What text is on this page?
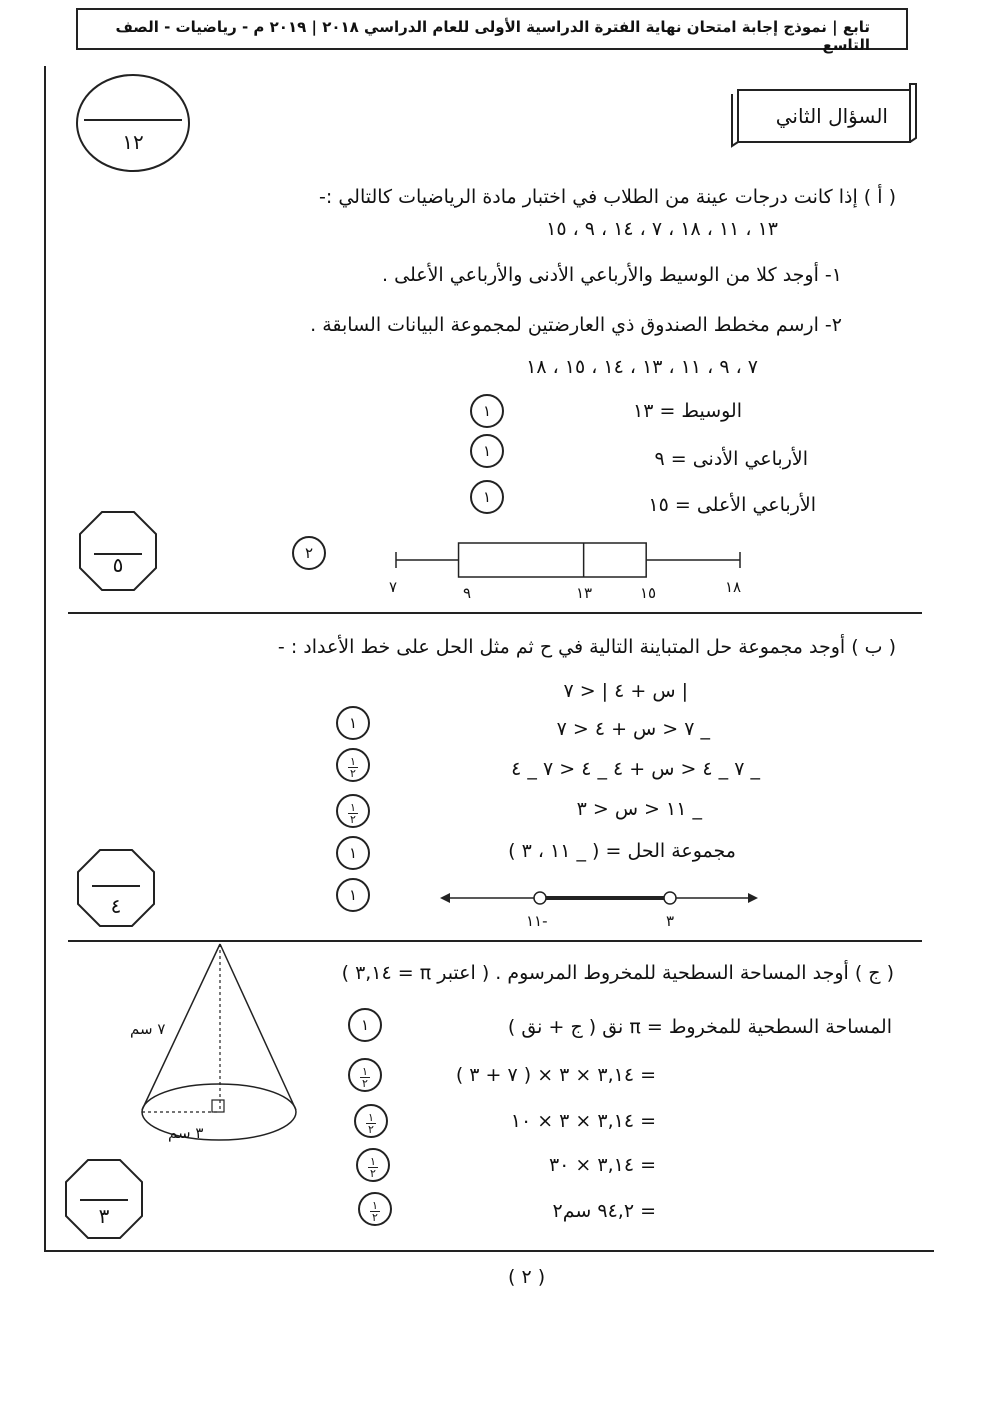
تابع | نموذج إجابة امتحان نهاية الفترة الدراسية الأولى للعام الدراسي ٢٠١٨ | ٢٠١٩ م - رياضيات - الصف التاسع
١٢
السؤال الثاني
( أ ) إذا كانت درجات عينة من الطلاب في اختبار مادة الرياضيات كالتالي :-
١٣ ، ١١ ، ١٨ ، ٧ ، ١٤ ، ٩ ، ١٥
١- أوجد كلا من الوسيط والأرباعي الأدنى والأرباعي الأعلى .
٢- ارسم مخطط الصندوق ذي العارضتين لمجموعة البيانات السابقة .
٧ ، ٩ ، ١١ ، ١٣ ، ١٤ ، ١٥ ، ١٨
الوسيط = ١٣
الأرباعي الأدنى = ٩
الأرباعي الأعلى = ١٥
١
١
١
٢
٧	٩	١٣	١٥	١٨
٥
( ب ) أوجد مجموعة حل المتباينة التالية في ح ثم مثل الحل على خط الأعداد : -
| س + ٤ | < ٧
_ ٧ < س + ٤ < ٧
_ ٧ _ ٤ < س + ٤ _ ٤ < ٧ _ ٤
_ ١١ < س < ٣
مجموعة الحل = ( _ ١١ ، ٣ )
١
$\frac{١}{٢}$
$\frac{١}{٢}$
١
١
١١-	٣
٤
( ج ) أوجد المساحة السطحية للمخروط المرسوم . ( اعتبر π = ٣,١٤ )
المساحة السطحية للمخروط = π نق ( ج + نق )
= ٣,١٤ × ٣ × ( ٧ + ٣ )
= ٣,١٤ × ٣ × ١٠
= ٣,١٤ × ٣٠
= ٩٤,٢ سم٢
١
$\frac{١}{٢}$
$\frac{١}{٢}$
$\frac{١}{٢}$
$\frac{١}{٢}$
٧ سم
٣ سم
٣
( ٢ )
